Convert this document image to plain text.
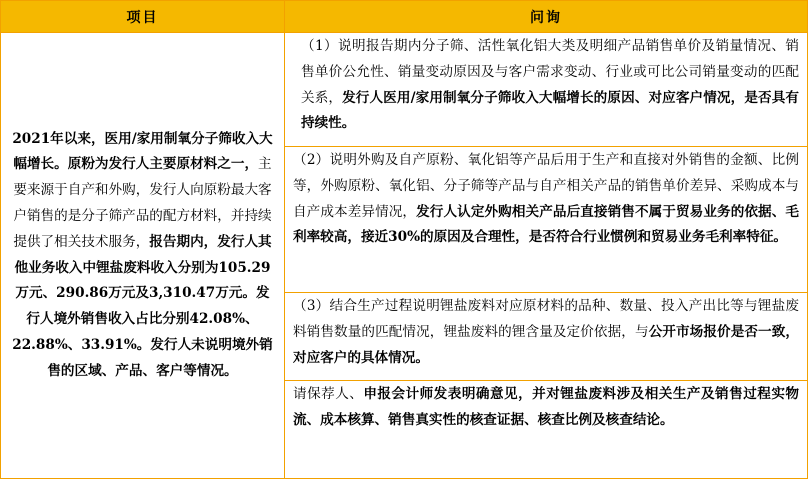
项目	问询
2021年以来，医用/家用制氧分子筛收入大幅增长。原粉为发行人主要原材料之一，主要来源于自产和外购，发行人向原粉最大客户销售的是分子筛产品的配方材料，并持续提供了相关技术服务，报告期内，发行人其他业务收入中锂盐废料收入分别为105.29万元、290.86万元及3,310.47万元。发行人境外销售收入占比分别42.08%、22.88%、33.91%。发行人未说明境外销售的区域、产品、客户等情况。	（1）说明报告期内分子筛、活性氧化铝大类及明细产品销售单价及销量情况、销售单价公允性、销量变动原因及与客户需求变动、行业或可比公司销量变动的匹配关系，发行人医用/家用制氧分子筛收入大幅增长的原因、对应客户情况，是否具有持续性。
	（2）说明外购及自产原粉、氧化铝等产品后用于生产和直接对外销售的金额、比例等，外购原粉、氧化铝、分子筛等产品与自产相关产品的销售单价差异、采购成本与自产成本差异情况，发行人认定外购相关产品后直接销售不属于贸易业务的依据、毛利率较高，接近30%的原因及合理性，是否符合行业惯例和贸易业务毛利率特征。
	（3）结合生产过程说明锂盐废料对应原材料的品种、数量、投入产出比等与锂盐废料销售数量的匹配情况，锂盐废料的锂含量及定价依据，与公开市场报价是否一致，对应客户的具体情况。
	请保荐人、申报会计师发表明确意见，并对锂盐废料涉及相关生产及销售过程实物流、成本核算、销售真实性的核查证据、核查比例及核查结论。
